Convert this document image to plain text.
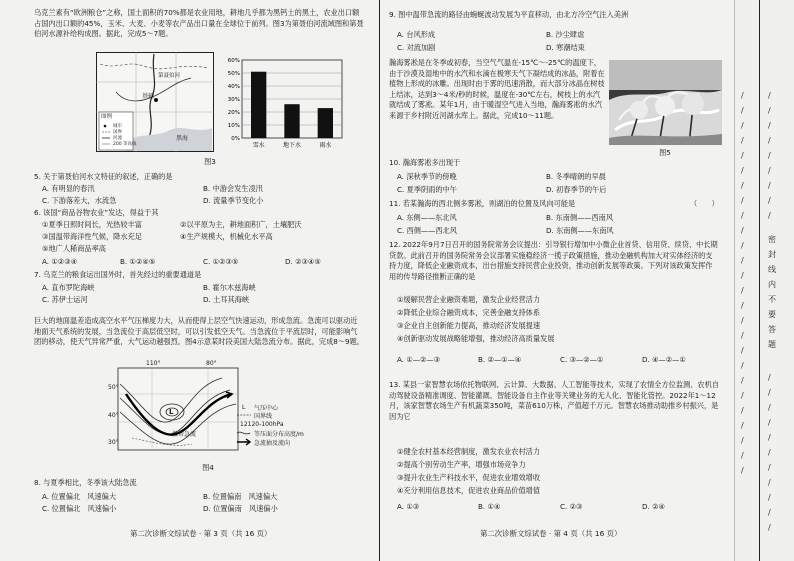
乌克兰素有“欧洲粮仓”之称，国土面积的70%都是农业用地，耕地几乎都为黑钙土的黑土，农业出口额占国内出口额的45%，玉米、大麦、小麦等农产品出口量在全球位于前列。图3为第聂伯河流域图和第聂伯河水源补给构成图。据此，完成5～7题。
基辅
第聂伯河
黑海
图例
城市
国界
河流
200 等高线
0%
10%
20%
30%
40%
50%
60%
雪水	地下水	雨水
图3
5. 关于第聂伯河水文特征的叙述，正确的是
A. 有明显的春汛	B. 中游会发生凌汛
C. 下游落差大，水流急	D. 流量季节变化小
6. 该国“商品谷物农业”发达，得益于其
①夏季日照时间长，光热较丰富	②以平原为主，耕地面积广，土壤肥沃
③国温带海洋性气候，降水充足	④生产规模大，机械化水平高
⑤地广人稀商品率高
A. ①②③④	B. ①②④⑤	C. ①②③⑤	D. ②③④⑤
7. 乌克兰的粮食运出国外时，首先经过的重要通道是
A. 直布罗陀海峡	B. 霍尔木兹海峡
C. 苏伊士运河	D. 土耳其海峡
巨大的地面温差造成高空水平气压梯度力大，从而使得上层空气快速运动，形成急流。急流可以驱动近地面天气系统的发展，当急流位于高层低空时，可以引发低空天气。当急流位于平流层时，可能影响气团的移动，使天气异常严重，大气运动越强烈。图4示意某时段美国大陆急流分布。据此，完成8～9题。
110°	80°
50°
40°
30°
L
温带急流
气压中心
国界线
12120-100hPa
等压面分布高度/m
急流抽及流向
L
图4
8. 与夏季相比，冬季该大陆急流
A. 位置偏北　风速偏大	B. 位置偏南　风速偏大
C. 位置偏北　风速偏小	D. 位置偏南　风速偏小
第二次诊断文综试卷 · 第 3 页（共 16 页）
9. 图中温带急流的路径由蜿蜒波动发展为平直移动，由北方冷空气注入美洲
A. 台风形成	B. 沙尘肆虐
C. 对流加剧	D. 寒潮结束
瀚海雾凇是在冬季或初春，当空气气温在-15℃～-25℃的温度下，由于沙漠及湿地中的水汽和水滴在极寒天气下凝结成的冰晶，附着在植物上形成的冰雕。出现时由于雾的迅速消散，而大部分冰晶在树枝上结冰，达到3～4米/秒的时候，温度在-30℃左右，树枝上的水汽就结成了雾凇。某年1月，由于暖湿空气进入当地，瀚海雾凇的水汽来源于乡村附近河湖水库上。据此，完成10～11题。
图5
10. 瀚海雾凇多出现于
A. 深秋季节的傍晚	B. 冬季晴朗的早晨
C. 夏季阴雨的中午	D. 初春季节的午后
11. 若某瀚海的西北侧多雾凇，则湖泊的位置及风向可能是	（　　）
A. 东侧——东北风	B. 东南侧——西南风
C. 西侧——西北风	D. 东南侧——东南风
12. 2022年9月7日召开的国务院常务会议提出：引导银行增加中小微企业首贷、信用贷、续贷、中长期贷款。此前召开的国务院常务会议部署实施稳经济一揽子政策措施，推动金融机构加大对实体经济的支持力度，降低企业融资成本，出台措施支持民营企业投资，推动创新发展等政策。下列对该政策发挥作用的传导路径推断正确的是
①缓解民营企业融资难题，激发企业经营活力
②降低企业综合融资成本，完善金融支持体系
③企业自主创新能力提高，推动经济发展提速
④创新驱动发展战略能增强，推动经济高质量发展
A. ①—②—③	B. ②—①—④	C. ③—②—①	D. ④—②—①
13. 某县一家智慧农场依托物联网、云计算、大数据、人工智能等技术，实现了农情全方位监测、农机自动驾驶设备精准调度、智能灌溉、智能设备自主作业等关键业务的无人化、智能化管控。2022年1～12月，该家智慧农场生产有机蔬菜350吨，菜苗610万株，产值超千万元。智慧农场推动助推乡村振兴，是因为它
①健全农村基本经营制度，激发农业农村活力
②提高个别劳动生产率，增强市场竞争力
③提升农业生产科技水平，促进农业增效增收
④充分利用信息技术，促进农业商品价值增值
A. ①③	B. ①④	C. ②③	D. ②④
第二次诊断文综试卷 · 第 4 页（共 16 页）
/
/
/
/
/
/
/
/
/
/
/
/
/
/
/
/
/
/
/
/
/
/
/
/
/
/
/
/
/
/
/
/
/
/
/
/
/
/
/
/
/
/
/
/
/
/
密
封
线
内
不
要
答
题
